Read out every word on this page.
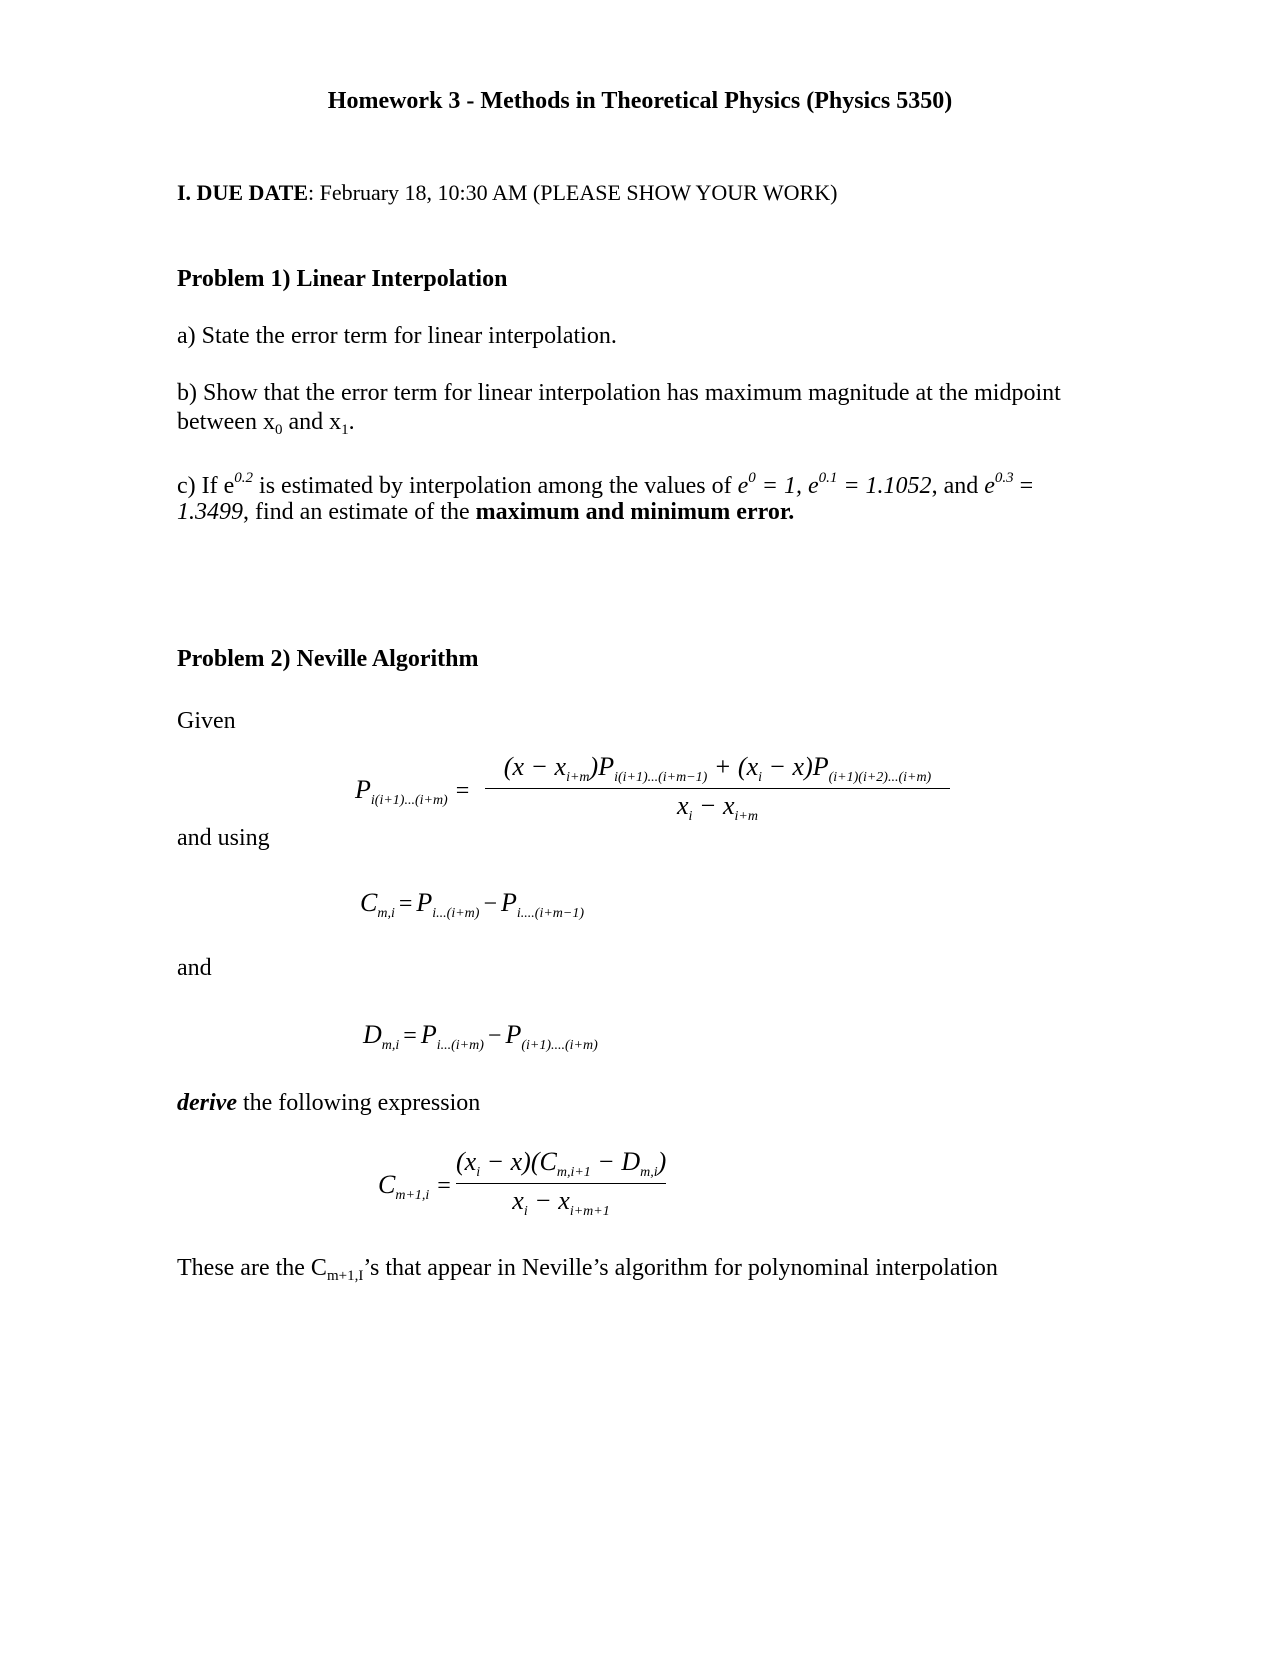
Homework 3 - Methods in Theoretical Physics (Physics 5350)
I. DUE DATE: February 18, 10:30 AM (PLEASE SHOW YOUR WORK)
Problem 1) Linear Interpolation
a) State the error term for linear interpolation.
b) Show that the error term for linear interpolation has maximum magnitude at the midpoint
between $x_0$ and $x_1$.
c) If $e^{0.2}$ is estimated by interpolation among the values of $e^0 = 1$, $e^{0.1} = 1.1052$, and $e^{0.3}$ =
1.3499, find an estimate of the maximum and minimum error.
Problem 2) Neville Algorithm
Given
Pi(i+1)...(i+m) =
(x − xi+m)Pi(i+1)...(i+m−1) + (xi − x)P(i+1)(i+2)...(i+m)
xi − xi+m
and using
Cm,i = Pi...(i+m) − Pi....(i+m−1)
and
Dm,i = Pi...(i+m) − P(i+1)....(i+m)
derive the following expression
Cm+1,i =
(xi − x)(Cm,i+1 − Dm,i)
xi − xi+m+1
These are the $C_{m+1,I}’s$ that appear in Neville’s algorithm for polynominal interpolation
